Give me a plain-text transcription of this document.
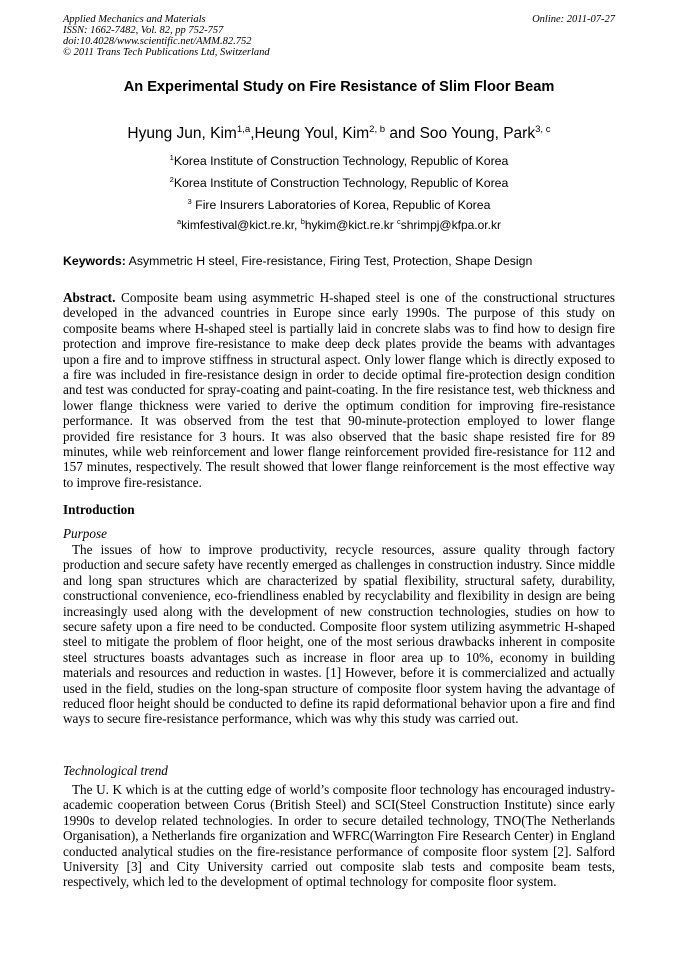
Applied Mechanics and Materials
ISSN: 1662-7482, Vol. 82, pp 752-757
doi:10.4028/www.scientific.net/AMM.82.752
© 2011 Trans Tech Publications Ltd, Switzerland
Online: 2011-07-27
An Experimental Study on Fire Resistance of Slim Floor Beam
Hyung Jun, Kim$^{1,a}$,Heung Youl, Kim$^{2, b}$ and Soo Young, Park$^{3, c}$
$^1$Korea Institute of Construction Technology, Republic of Korea
$^2$Korea Institute of Construction Technology, Republic of Korea
$^3$ Fire Insurers Laboratories of Korea, Republic of Korea
$^a$kimfestival@kict.re.kr, $^b$hykim@kict.re.kr $^c$shrimpj@kfpa.or.kr
Keywords: Asymmetric H steel, Fire-resistance, Firing Test, Protection, Shape Design
Abstract. Composite beam using asymmetric H-shaped steel is one of the constructional structures developed in the advanced countries in Europe since early 1990s. The purpose of this study on composite beams where H-shaped steel is partially laid in concrete slabs was to find how to design fire protection and improve fire-resistance to make deep deck plates provide the beams with advantages upon a fire and to improve stiffness in structural aspect. Only lower flange which is directly exposed to a fire was included in fire-resistance design in order to decide optimal fire-protection design condition and test was conducted for spray-coating and paint-coating. In the fire resistance test, web thickness and lower flange thickness were varied to derive the optimum condition for improving fire-resistance performance. It was observed from the test that 90-minute-protection employed to lower flange provided fire resistance for 3 hours. It was also observed that the basic shape resisted fire for 89 minutes, while web reinforcement and lower flange reinforcement provided fire-resistance for 112 and 157 minutes, respectively. The result showed that lower flange reinforcement is the most effective way to improve fire-resistance.
Introduction
Purpose
The issues of how to improve productivity, recycle resources, assure quality through factory production and secure safety have recently emerged as challenges in construction industry. Since middle and long span structures which are characterized by spatial flexibility, structural safety, durability, constructional convenience, eco-friendliness enabled by recyclability and flexibility in design are being increasingly used along with the development of new construction technologies, studies on how to secure safety upon a fire need to be conducted. Composite floor system utilizing asymmetric H-shaped steel to mitigate the problem of floor height, one of the most serious drawbacks inherent in composite steel structures boasts advantages such as increase in floor area up to 10%, economy in building materials and resources and reduction in wastes. [1] However, before it is commercialized and actually used in the field, studies on the long-span structure of composite floor system having the advantage of reduced floor height should be conducted to define its rapid deformational behavior upon a fire and find ways to secure fire-resistance performance, which was why this study was carried out.
Technological trend
The U. K which is at the cutting edge of world’s composite floor technology has encouraged industry-academic cooperation between Corus (British Steel) and SCI(Steel Construction Institute) since early 1990s to develop related technologies. In order to secure detailed technology, TNO(The Netherlands Organisation), a Netherlands fire organization and WFRC(Warrington Fire Research Center) in England conducted analytical studies on the fire-resistance performance of composite floor system [2]. Salford University [3] and City University carried out composite slab tests and composite beam tests, respectively, which led to the development of optimal technology for composite floor system.
